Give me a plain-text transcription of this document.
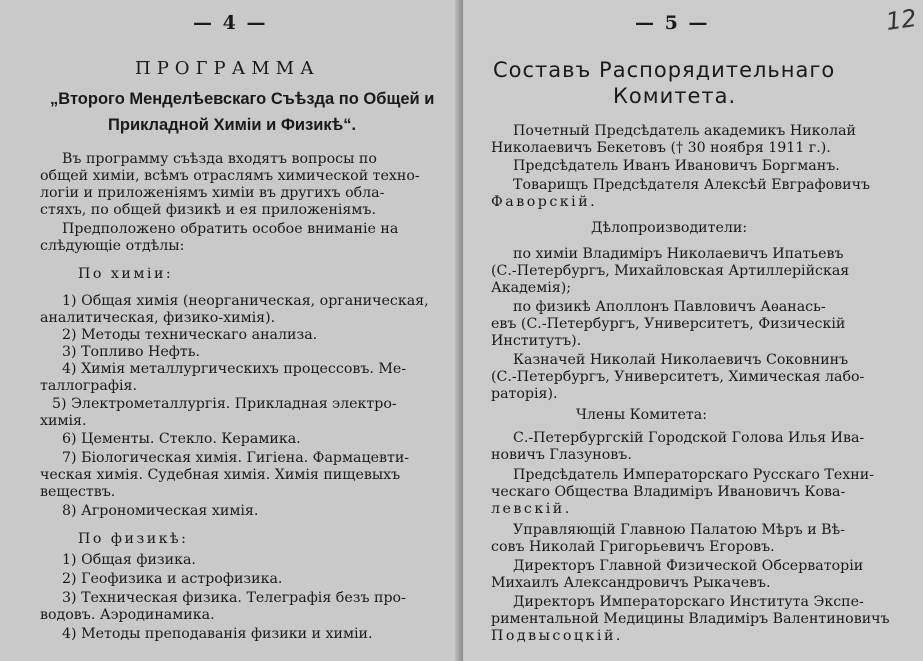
— 4 —
ПРОГРАММА
„Второго Менделѣевскаго Съѣзда по Общей и
Прикладной Химіи и Физикѣ“.
Въ программу съѣзда входятъ вопросы по
общей химіи, всѣмъ отраслямъ химической техно-
логіи и приложеніямъ химіи въ другихъ обла-
стяхъ, по общей физикѣ и ея приложеніямъ.
Предположено обратить особое вниманіе на
слѣдующіе отдѣлы:
По химіи:
1) Общая химія (неорганическая, органическая,
аналитическая, физико-химія).
2) Методы техническаго анализа.
3) Топливо Нефть.
4) Химія металлургическихъ процессовъ. Ме-
таллографія.
5) Электрометаллургія. Прикладная электро-
химія.
6) Цементы. Стекло. Керамика.
7) Біологическая химія. Гигіена. Фармацевти-
ческая химія. Судебная химія. Химія пищевыхъ
веществъ.
8) Агрономическая химія.
По физикѣ:
1) Общая физика.
2) Геофизика и астрофизика.
3) Техническая физика. Телеграфія безъ про-
водовъ. Аэродинамика.
4) Методы преподаванія физики и химіи.
— 5 —	12
Составъ Распорядительнаго
Комитета.
Почетный Предсѣдатель академикъ Николай
Николаевичъ Бекетовъ († 30 ноября 1911 г.).
Предсѣдатель Иванъ Ивановичъ Боргманъ.
Товарищъ Предсѣдателя Алексѣй Евграфовичъ
Фаворскій.
Дѣлопроизводители:
по химіи Владиміръ Николаевичъ Ипатьевъ
(С.-Петербургъ, Михайловская Артиллерійская
Академія);
по физикѣ Аполлонъ Павловичъ Аѳанась-
евъ (С.-Петербургъ, Университетъ, Физическій
Институтъ).
Казначей Николай Николаевичъ Соковнинъ
(С.-Петербургъ, Университетъ, Химическая лабо-
раторія).
Члены Комитета:
С.-Петербургскій Городской Голова Илья Ива-
новичъ Глазуновъ.
Предсѣдатель Императорскаго Русскаго Техни-
ческаго Общества Владиміръ Ивановичъ Ковa-
левскій.
Управляющій Главною Палатою Мѣръ и Вѣ-
совъ Николай Григорьевичъ Егоровъ.
Директоръ Главной Физической Обсерваторіи
Михаилъ Александровичъ Рыкачевъ.
Директоръ Императорскаго Института Экспе-
риментальной Медицины Владиміръ Валентиновичъ
Подвысоцкій.
